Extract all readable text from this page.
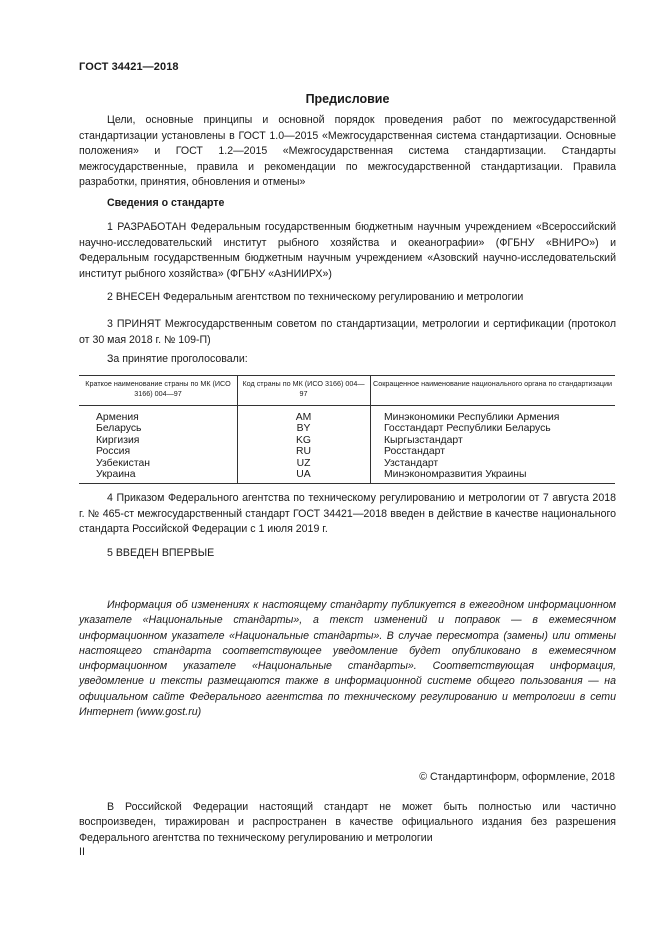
ГОСТ 34421—2018
Предисловие
Цели, основные принципы и основной порядок проведения работ по межгосударственной стандартизации установлены в ГОСТ 1.0—2015 «Межгосударственная система стандартизации. Основные положения» и ГОСТ 1.2—2015 «Межгосударственная система стандартизации. Стандарты межгосударственные, правила и рекомендации по межгосударственной стандартизации. Правила разработки, принятия, обновления и отмены»
Сведения о стандарте
1 РАЗРАБОТАН Федеральным государственным бюджетным научным учреждением «Всероссийский научно-исследовательский институт рыбного хозяйства и океанографии» (ФГБНУ «ВНИРО») и Федеральным государственным бюджетным научным учреждением «Азовский научно-исследовательский институт рыбного хозяйства» (ФГБНУ «АзНИИРХ»)
2 ВНЕСЕН Федеральным агентством по техническому регулированию и метрологии
3 ПРИНЯТ Межгосударственным советом по стандартизации, метрологии и сертификации (протокол от 30 мая 2018 г. № 109-П)
За принятие проголосовали:
Краткое наименование страны по МК (ИСО 3166) 004—97	Код страны по МК (ИСО 3166) 004—97	Сокращенное наименование национального органа по стандартизации

Армения	AM	Минэкономики Республики Армения
Беларусь	BY	Госстандарт Республики Беларусь
Киргизия	KG	Кыргызстандарт
Россия	RU	Росстандарт
Узбекистан	UZ	Узстандарт
Украина	UA	Минэкономразвития Украины
4 Приказом Федерального агентства по техническому регулированию и метрологии от 7 августа 2018 г. № 465-ст межгосударственный стандарт ГОСТ 34421—2018 введен в действие в качестве национального стандарта Российской Федерации с 1 июля 2019 г.
5 ВВЕДЕН ВПЕРВЫЕ
Информация об изменениях к настоящему стандарту публикуется в ежегодном информационном указателе «Национальные стандарты», а текст изменений и поправок — в ежемесячном информационном указателе «Национальные стандарты». В случае пересмотра (замены) или отмены настоящего стандарта соответствующее уведомление будет опубликовано в ежемесячном информационном указателе «Национальные стандарты». Соответствующая информация, уведомление и тексты размещаются также в информационной системе общего пользования — на официальном сайте Федерального агентства по техническому регулированию и метрологии в сети Интернет (www.gost.ru)
© Стандартинформ, оформление, 2018
В Российской Федерации настоящий стандарт не может быть полностью или частично воспроизведен, тиражирован и распространен в качестве официального издания без разрешения Федерального агентства по техническому регулированию и метрологии
II
